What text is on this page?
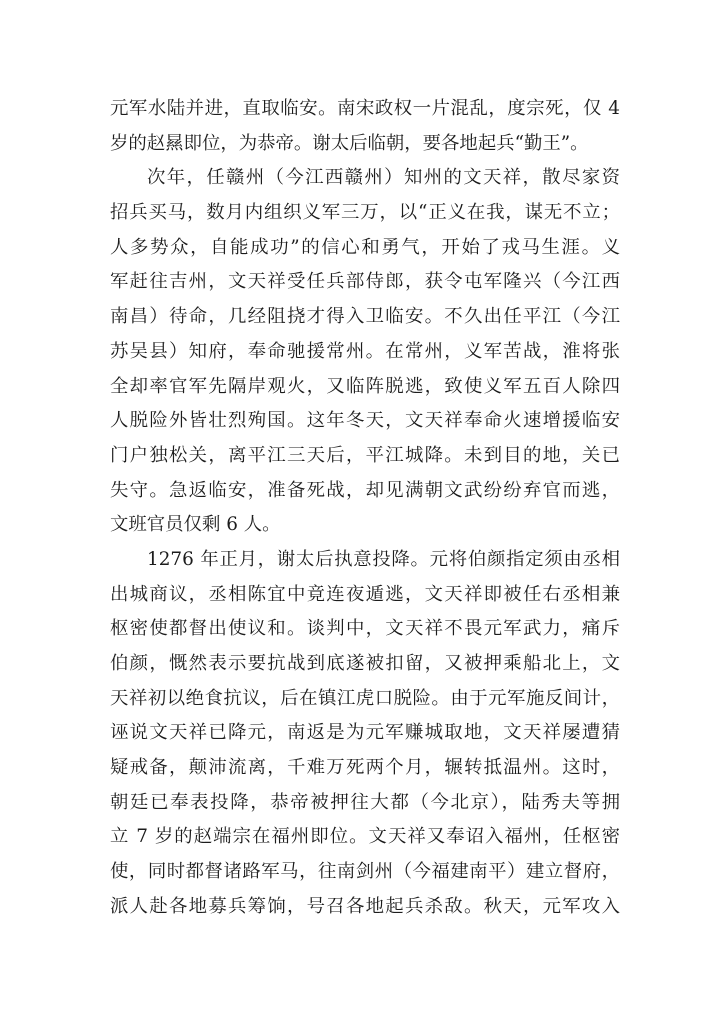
元军水陆并进，直取临安。南宋政权一片混乱，度宗死，仅 4
岁的赵㬎即位，为恭帝。谢太后临朝，要各地起兵“勤王”。
次年，任赣州（今江西赣州）知州的文天祥，散尽家资
招兵买马，数月内组织义军三万，以“正义在我，谋无不立；
人多势众，自能成功”的信心和勇气，开始了戎马生涯。义
军赶往吉州，文天祥受任兵部侍郎，获令屯军隆兴（今江西
南昌）待命，几经阻挠才得入卫临安。不久出任平江（今江
苏吴县）知府，奉命驰援常州。在常州，义军苦战，淮将张
全却率官军先隔岸观火，又临阵脱逃，致使义军五百人除四
人脱险外皆壮烈殉国。这年冬天，文天祥奉命火速增援临安
门户独松关，离平江三天后，平江城降。未到目的地，关已
失守。急返临安，准备死战，却见满朝文武纷纷弃官而逃，
文班官员仅剩 6 人。
1276 年正月，谢太后执意投降。元将伯颜指定须由丞相
出城商议，丞相陈宜中竟连夜遁逃，文天祥即被任右丞相兼
枢密使都督出使议和。谈判中，文天祥不畏元军武力，痛斥
伯颜，慨然表示要抗战到底遂被扣留，又被押乘船北上，文
天祥初以绝食抗议，后在镇江虎口脱险。由于元军施反间计，
诬说文天祥已降元，南返是为元军赚城取地，文天祥屡遭猜
疑戒备，颠沛流离，千难万死两个月，辗转抵温州。这时，
朝廷已奉表投降，恭帝被押往大都（今北京），陆秀夫等拥
立 7 岁的赵端宗在福州即位。文天祥又奉诏入福州，任枢密
使，同时都督诸路军马，往南剑州（今福建南平）建立督府，
派人赴各地募兵筹饷，号召各地起兵杀敌。秋天，元军攻入
